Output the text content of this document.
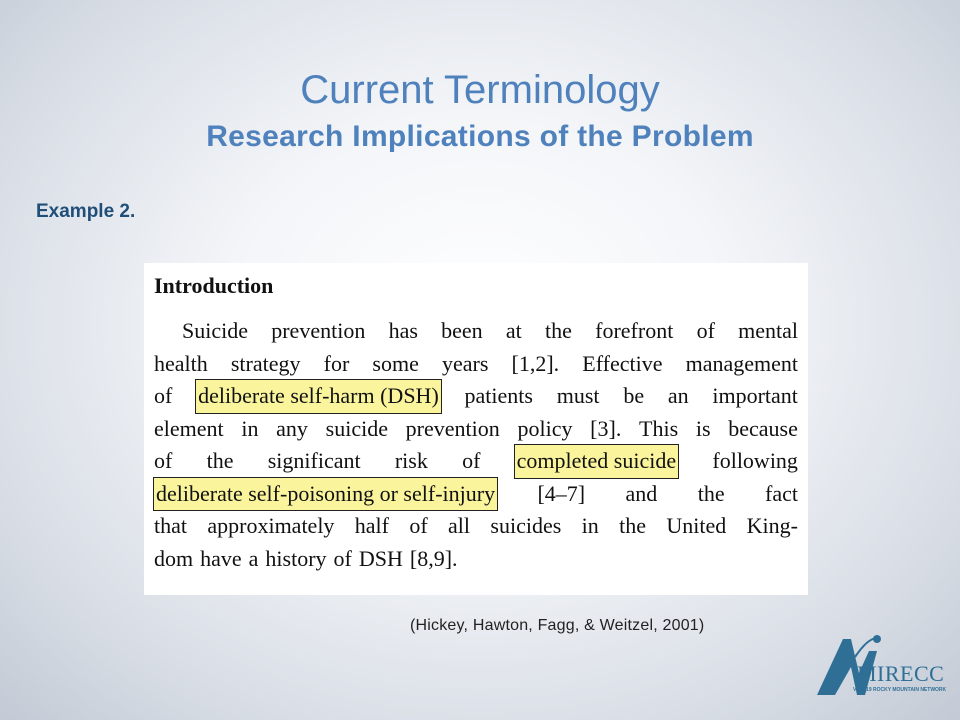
Current Terminology
Research Implications of the Problem
Example 2.
Introduction
Suicide prevention has been at the forefront of mental
health strategy for some years [1,2]. Effective management
of deliberate self-harm (DSH) patients must be an important
element in any suicide prevention policy [3]. This is because
of the significant risk of completed suicide following
deliberate self-poisoning or self-injury [4–7] and the fact
that approximately half of all suicides in the United King-
dom have a history of DSH [8,9].
(Hickey, Hawton, Fagg, & Weitzel, 2001)
MIRECC
VISN 19 ROCKY MOUNTAIN NETWORK
